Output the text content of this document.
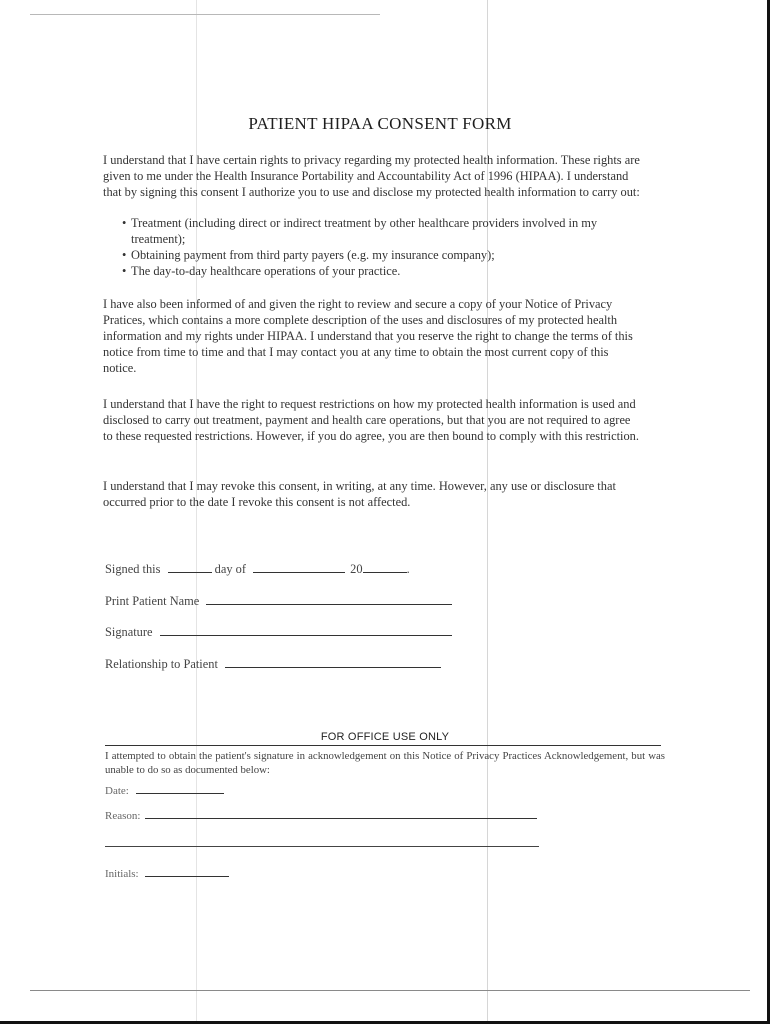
PATIENT HIPAA CONSENT FORM

I understand that I have certain rights to privacy regarding my protected health information. These rights are given to me under the Health Insurance Portability and Accountability Act of 1996 (HIPAA). I understand that by signing this consent I authorize you to use and disclose my protected health information to carry out:

• Treatment (including direct or indirect treatment by other healthcare providers involved in my treatment);
• Obtaining payment from third party payers (e.g. my insurance company);
• The day-to-day healthcare operations of your practice.

I have also been informed of and given the right to review and secure a copy of your Notice of Privacy Pratices, which contains a more complete description of the uses and disclosures of my protected health information and my rights under HIPAA. I understand that you reserve the right to change the terms of this notice from time to time and that I may contact you at any time to obtain the most current copy of this notice.

I understand that I have the right to request restrictions on how my protected health information is used and disclosed to carry out treatment, payment and health care operations, but that you are not required to agree to these requested restrictions. However, if you do agree, you are then bound to comply with this restriction.

I understand that I may revoke this consent, in writing, at any time. However, any use or disclosure that occurred prior to the date I revoke this consent is not affected.

Signed this	day of	20	.
Print Patient Name
Signature
Relationship to Patient
FOR OFFICE USE ONLY

I attempted to obtain the patient's signature in acknowledgement on this Notice of Privacy Practices Acknowledgement, but was unable to do so as documented below:

Date:
Reason:
Initials:
